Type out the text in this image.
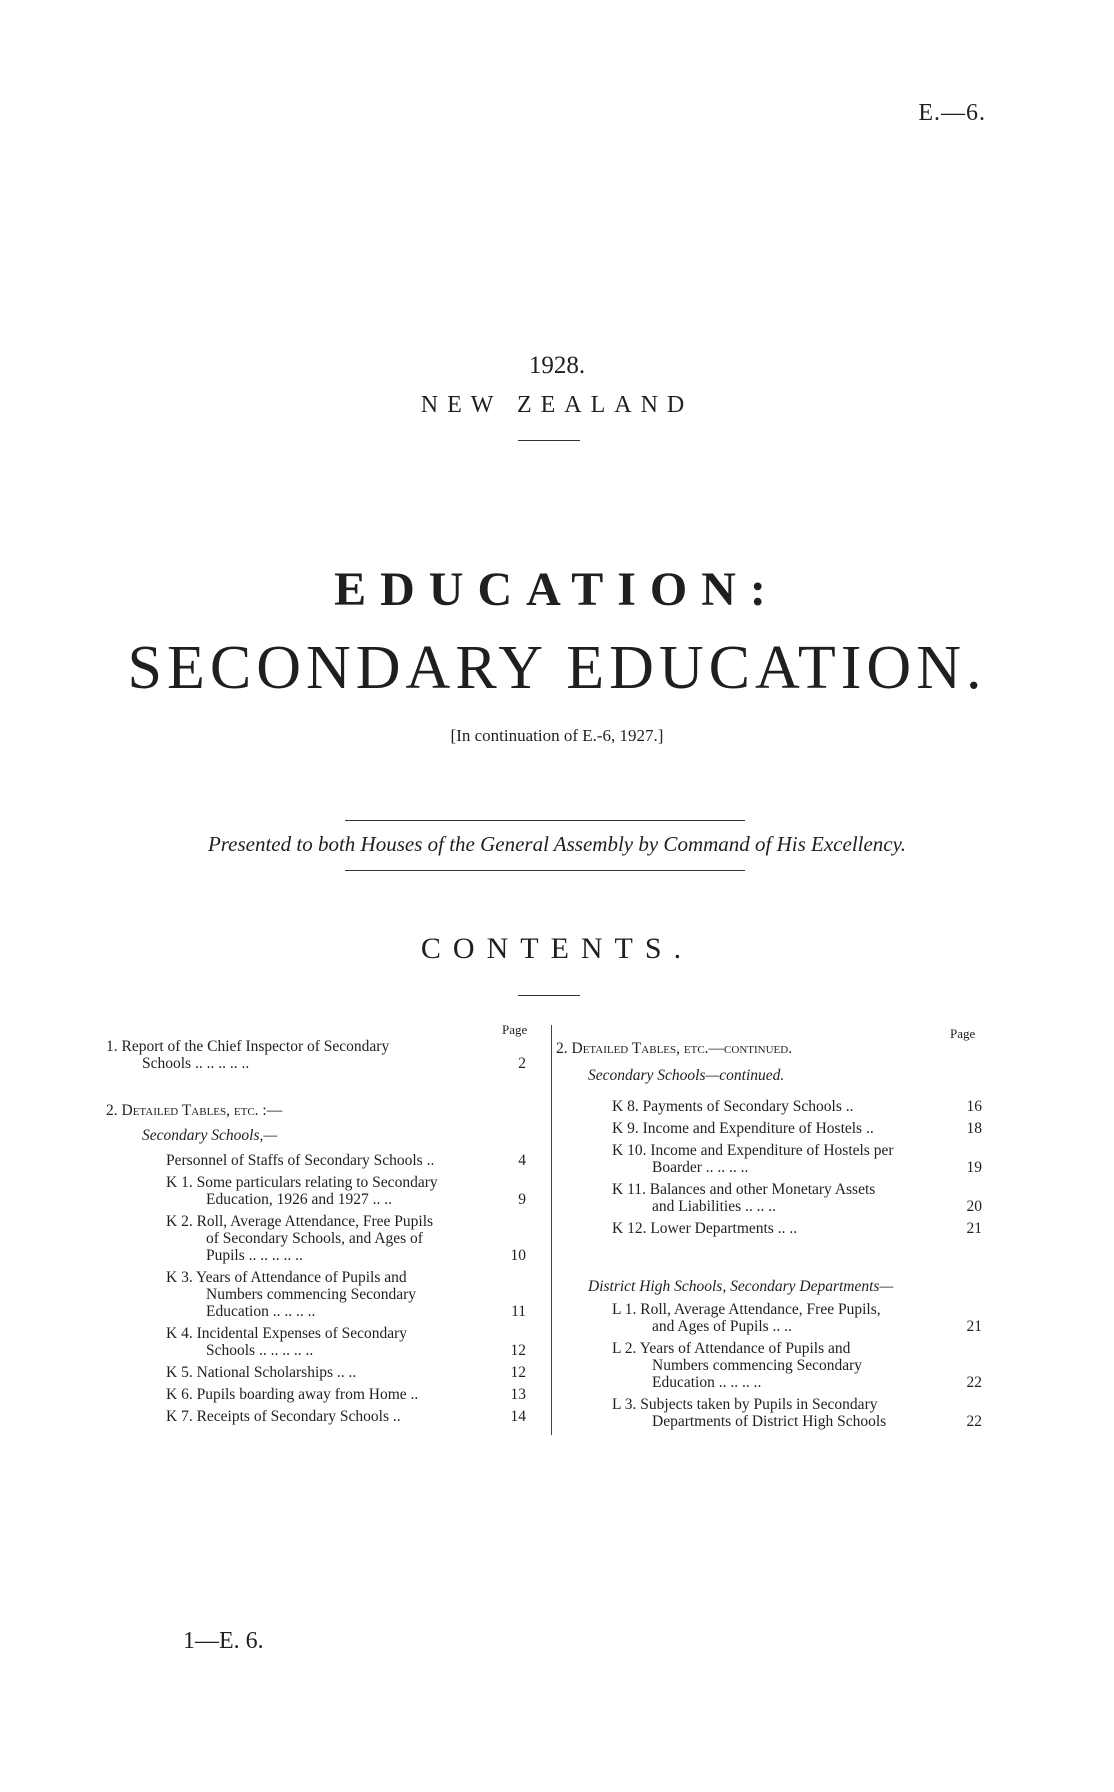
E.—6.
1928.
NEW ZEALAND
EDUCATION:
SECONDARY EDUCATION.
[In continuation of E.-6, 1927.]
Presented to both Houses of the General Assembly by Command of His Excellency.
CONTENTS.
Page
1. Report of the Chief Inspector of Secondary
Schools .. .. .. .. ..	2
2. Detailed Tables, etc. :—
Secondary Schools,—
Personnel of Staffs of Secondary Schools ..	4
K 1. Some particulars relating to Secondary
Education, 1926 and 1927 .. ..	9
K 2. Roll, Average Attendance, Free Pupils
of Secondary Schools, and Ages of
Pupils .. .. .. .. ..	10
K 3. Years of Attendance of Pupils and
Numbers commencing Secondary
Education .. .. .. ..	11
K 4. Incidental Expenses of Secondary
Schools .. .. .. .. ..	12
K 5. National Scholarships .. ..	12
K 6. Pupils boarding away from Home ..	13
K 7. Receipts of Secondary Schools ..	14
Page
2. Detailed Tables, etc.—continued.
Secondary Schools—continued.
K 8. Payments of Secondary Schools ..	16
K 9. Income and Expenditure of Hostels ..	18
K 10. Income and Expenditure of Hostels per
Boarder .. .. .. ..	19
K 11. Balances and other Monetary Assets
and Liabilities .. .. ..	20
K 12. Lower Departments .. ..	21
District High Schools, Secondary Departments—
L 1. Roll, Average Attendance, Free Pupils,
and Ages of Pupils .. ..	21
L 2. Years of Attendance of Pupils and
Numbers commencing Secondary
Education .. .. .. ..	22
L 3. Subjects taken by Pupils in Secondary
Departments of District High Schools	22
1—E. 6.
